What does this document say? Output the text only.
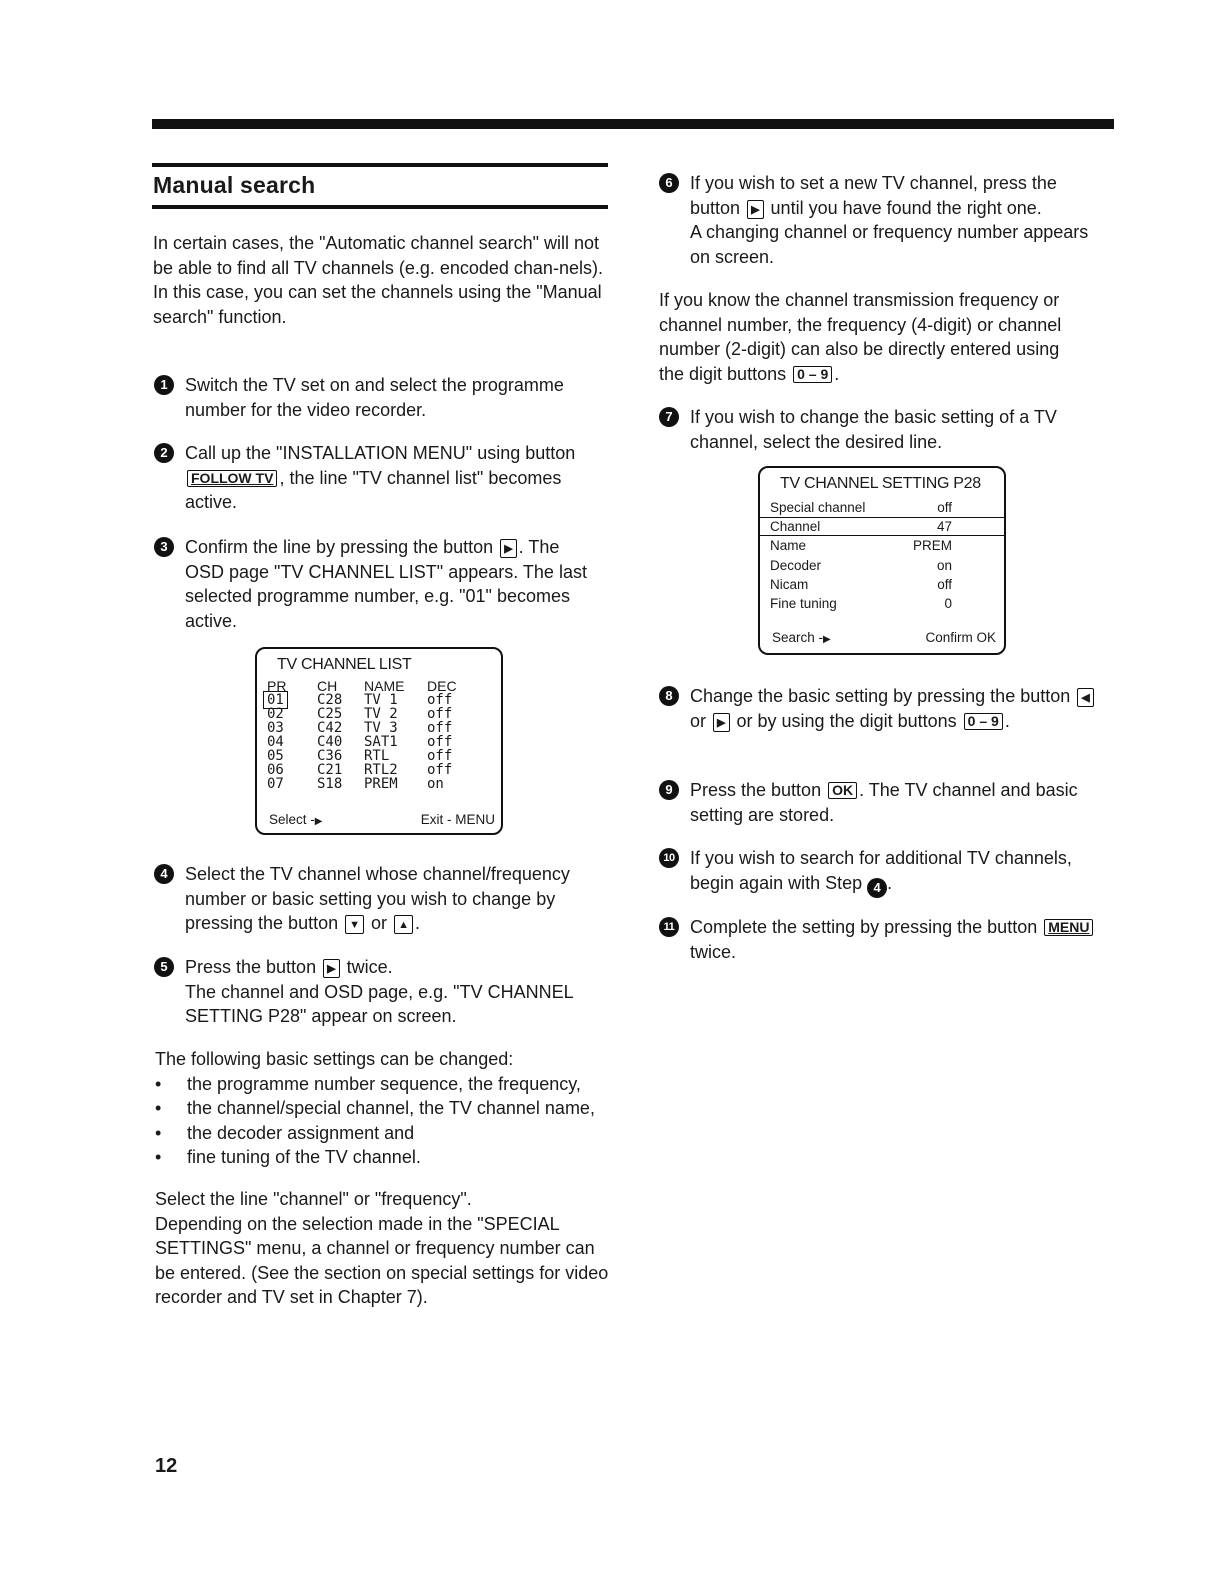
Manual search
In certain cases, the "Automatic channel search" will not be able to find all TV channels (e.g. encoded chan-nels).
In this case, you can set the channels using the "Manual search" function.
1 Switch the TV set on and select the programme number for the video recorder.
2 Call up the "INSTALLATION MENU" using button
FOLLOW TV , the line "TV channel list" becomes active.
3 Confirm the line by pressing the button ▶ . The OSD page "TV CHANNEL LIST" appears. The last selected programme number, e.g. "01" becomes active.
TV CHANNEL LIST
PR	CH	NAME	DEC
01	C28	TV 1	off
02	C25	TV 2	off
03	C42	TV 3	off
04	C40	SAT1	off
05	C36	RTL	off
06	C21	RTL2	off
07	S18	PREM	on
Select -▶	Exit - MENU
4 Select the TV channel whose channel/frequency number or basic setting you wish to change by pressing the button ▼ or ▲ .
5 Press the button ▶ twice.
The channel and OSD page, e.g. "TV CHANNEL SETTING P28" appear on screen.
The following basic settings can be changed:
• the programme number sequence, the frequency,
• the channel/special channel, the TV channel name,
• the decoder assignment and
• fine tuning of the TV channel.
Select the line "channel" or "frequency".
Depending on the selection made in the "SPECIAL SETTINGS" menu, a channel or frequency number can be entered. (See the section on special settings for video recorder and TV set in Chapter 7).
6 If you wish to set a new TV channel, press the button ▶ until you have found the right one.
A changing channel or frequency number appears on screen.
If you know the channel transmission frequency or channel number, the frequency (4-digit) or channel number (2-digit) can also be directly entered using the digit buttons 0 – 9 .
7 If you wish to change the basic setting of a TV channel, select the desired line.
TV CHANNEL SETTING P28
Special channel	off
Channel	47
Name	PREM
Decoder	on
Nicam	off
Fine tuning	0
Search -▶	Confirm OK
8 Change the basic setting by pressing the button ◀ or ▶ or by using the digit buttons 0 – 9 .
9 Press the button OK . The TV channel and basic setting are stored.
10 If you wish to search for additional TV channels, begin again with Step 4 .
11 Complete the setting by pressing the button MENU twice.
12
